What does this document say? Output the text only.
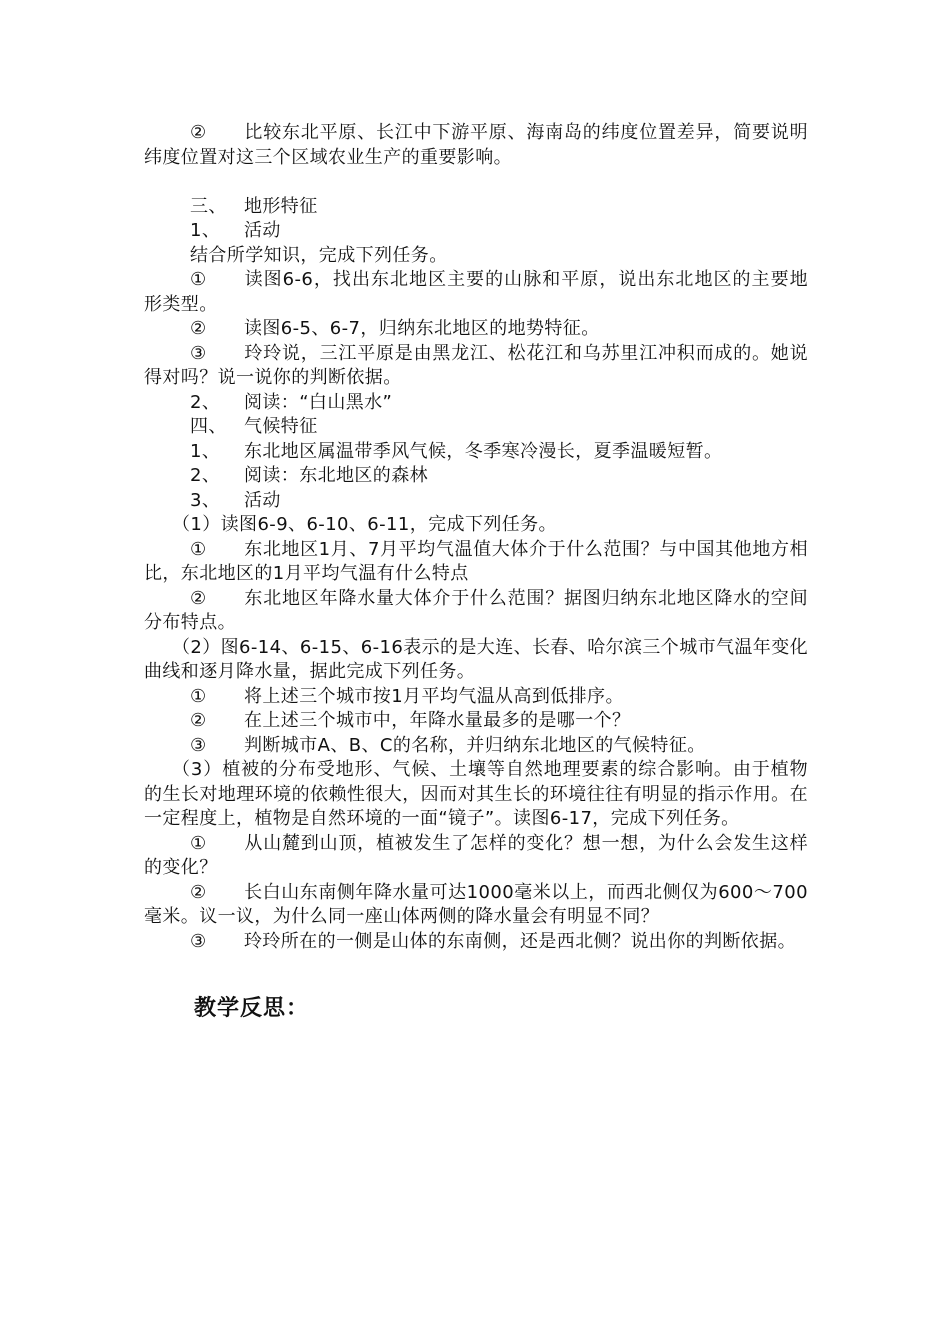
② 比较东北平原、长江中下游平原、海南岛的纬度位置差异，简要说明纬度位置对这三个区域农业生产的重要影响。

三、 地形特征

1、 活动

结合所学知识，完成下列任务。

① 读图6-6，找出东北地区主要的山脉和平原，说出东北地区的主要地形类型。

② 读图6-5、6-7，归纳东北地区的地势特征。

③ 玲玲说，三江平原是由黑龙江、松花江和乌苏里江冲积而成的。她说得对吗？说一说你的判断依据。

2、 阅读：“白山黑水”

四、 气候特征

1、 东北地区属温带季风气候，冬季寒冷漫长，夏季温暖短暂。

2、 阅读：东北地区的森林

3、 活动

（1）读图6-9、6-10、6-11，完成下列任务。

① 东北地区1月、7月平均气温值大体介于什么范围？与中国其他地方相比，东北地区的1月平均气温有什么特点

② 东北地区年降水量大体介于什么范围？据图归纳东北地区降水的空间分布特点。

（2）图6-14、6-15、6-16表示的是大连、长春、哈尔滨三个城市气温年变化曲线和逐月降水量，据此完成下列任务。

① 将上述三个城市按1月平均气温从高到低排序。

② 在上述三个城市中，年降水量最多的是哪一个？

③ 判断城市A、B、C的名称，并归纳东北地区的气候特征。

（3）植被的分布受地形、气候、土壤等自然地理要素的综合影响。由于植物的生长对地理环境的依赖性很大，因而对其生长的环境往往有明显的指示作用。在一定程度上，植物是自然环境的一面“镜子”。读图6-17，完成下列任务。

① 从山麓到山顶，植被发生了怎样的变化？想一想，为什么会发生这样的变化？

② 长白山东南侧年降水量可达1000毫米以上，而西北侧仅为600～700毫米。议一议，为什么同一座山体两侧的降水量会有明显不同？

③ 玲玲所在的一侧是山体的东南侧，还是西北侧？说出你的判断依据。

教学反思：
